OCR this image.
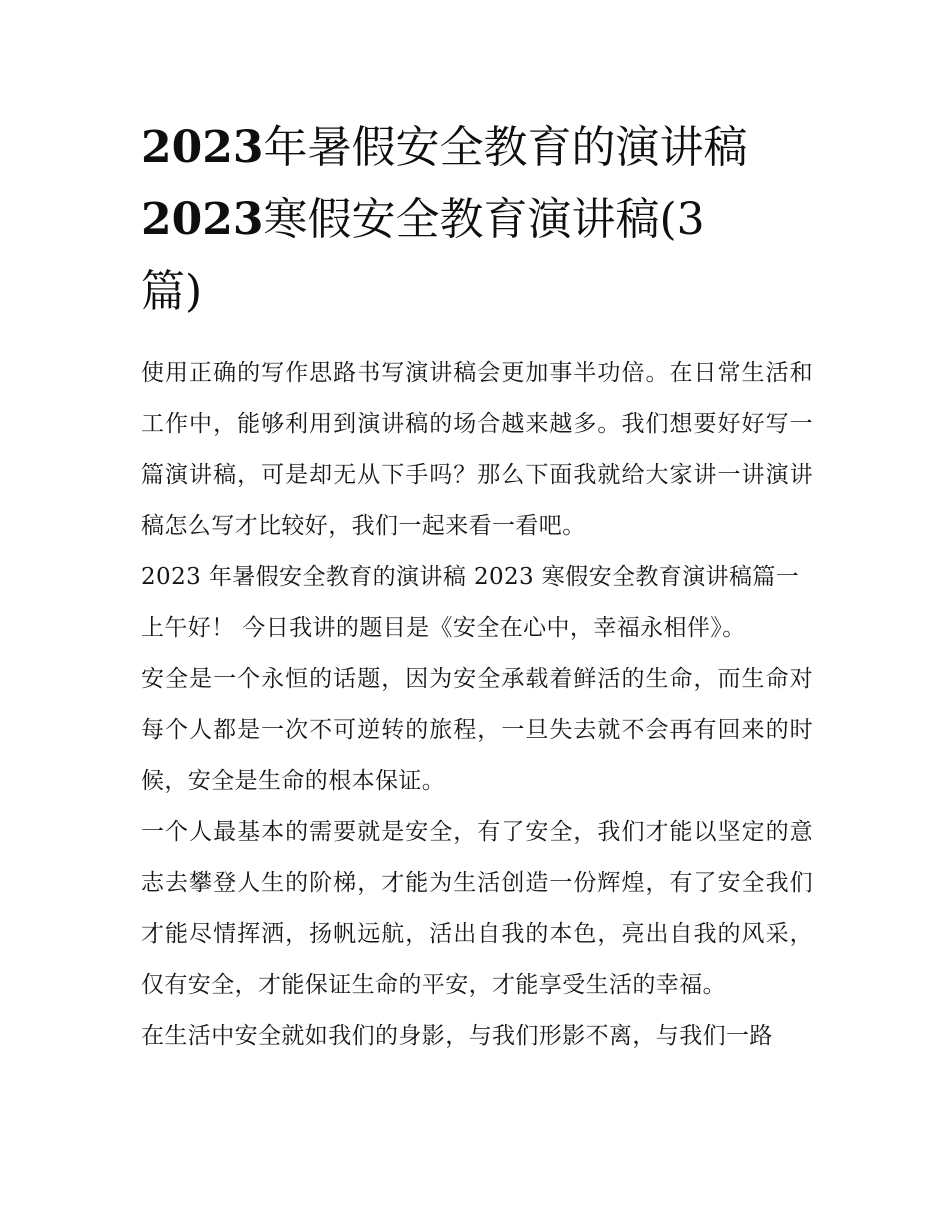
2023年暑假安全教育的演讲稿
2023寒假安全教育演讲稿(3
篇)

使用正确的写作思路书写演讲稿会更加事半功倍。在日常生活和工作中，能够利用到演讲稿的场合越来越多。我们想要好好写一篇演讲稿，可是却无从下手吗？那么下面我就给大家讲一讲演讲稿怎么写才比较好，我们一起来看一看吧。

2023 年暑假安全教育的演讲稿 2023 寒假安全教育演讲稿篇一

上午好！ 今日我讲的题目是《安全在心中，幸福永相伴》。

安全是一个永恒的话题，因为安全承载着鲜活的生命，而生命对每个人都是一次不可逆转的旅程，一旦失去就不会再有回来的时候，安全是生命的根本保证。

一个人最基本的需要就是安全，有了安全，我们才能以坚定的意志去攀登人生的阶梯，才能为生活创造一份辉煌，有了安全我们才能尽情挥洒，扬帆远航，活出自我的本色，亮出自我的风采，仅有安全，才能保证生命的平安，才能享受生活的幸福。

在生活中安全就如我们的身影，与我们形影不离，与我们一路
